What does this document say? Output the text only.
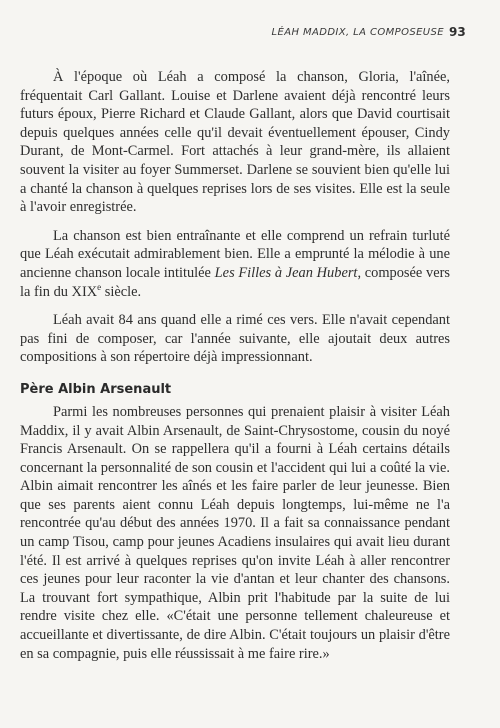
LÉAH MADDIX, LA COMPOSEUSE 93

À l'époque où Léah a composé la chanson, Gloria, l'aînée, fréquentait Carl Gallant. Louise et Darlene avaient déjà rencontré leurs futurs époux, Pierre Richard et Claude Gallant, alors que David courtisait depuis quelques années celle qu'il devait éventuellement épouser, Cindy Durant, de Mont-Carmel. Fort attachés à leur grand-mère, ils allaient souvent la visiter au foyer Summerset. Darlene se souvient bien qu'elle lui a chanté la chanson à quelques reprises lors de ses visites. Elle est la seule à l'avoir enregistrée.

La chanson est bien entraînante et elle comprend un refrain turluté que Léah exécutait admirablement bien. Elle a emprunté la mélodie à une ancienne chanson locale intitulée Les Filles à Jean Hubert, composée vers la fin du XIXe siècle.

Léah avait 84 ans quand elle a rimé ces vers. Elle n'avait cependant pas fini de composer, car l'année suivante, elle ajoutait deux autres compositions à son répertoire déjà impressionnant.

Père Albin Arsenault

Parmi les nombreuses personnes qui prenaient plaisir à visiter Léah Maddix, il y avait Albin Arsenault, de Saint-Chrysostome, cousin du noyé Francis Arsenault. On se rappellera qu'il a fourni à Léah certains détails concernant la personnalité de son cousin et l'accident qui lui a coûté la vie. Albin aimait rencontrer les aînés et les faire parler de leur jeunesse. Bien que ses parents aient connu Léah depuis longtemps, lui-même ne l'a rencontrée qu'au début des années 1970. Il a fait sa connaissance pendant un camp Tisou, camp pour jeunes Acadiens insulaires qui avait lieu durant l'été. Il est arrivé à quelques reprises qu'on invite Léah à aller rencontrer ces jeunes pour leur raconter la vie d'antan et leur chanter des chansons. La trouvant fort sympathique, Albin prit l'habitude par la suite de lui rendre visite chez elle. «C'était une personne tellement chaleureuse et accueillante et divertissante, de dire Albin. C'était toujours un plaisir d'être en sa compagnie, puis elle réussissait à me faire rire.»
